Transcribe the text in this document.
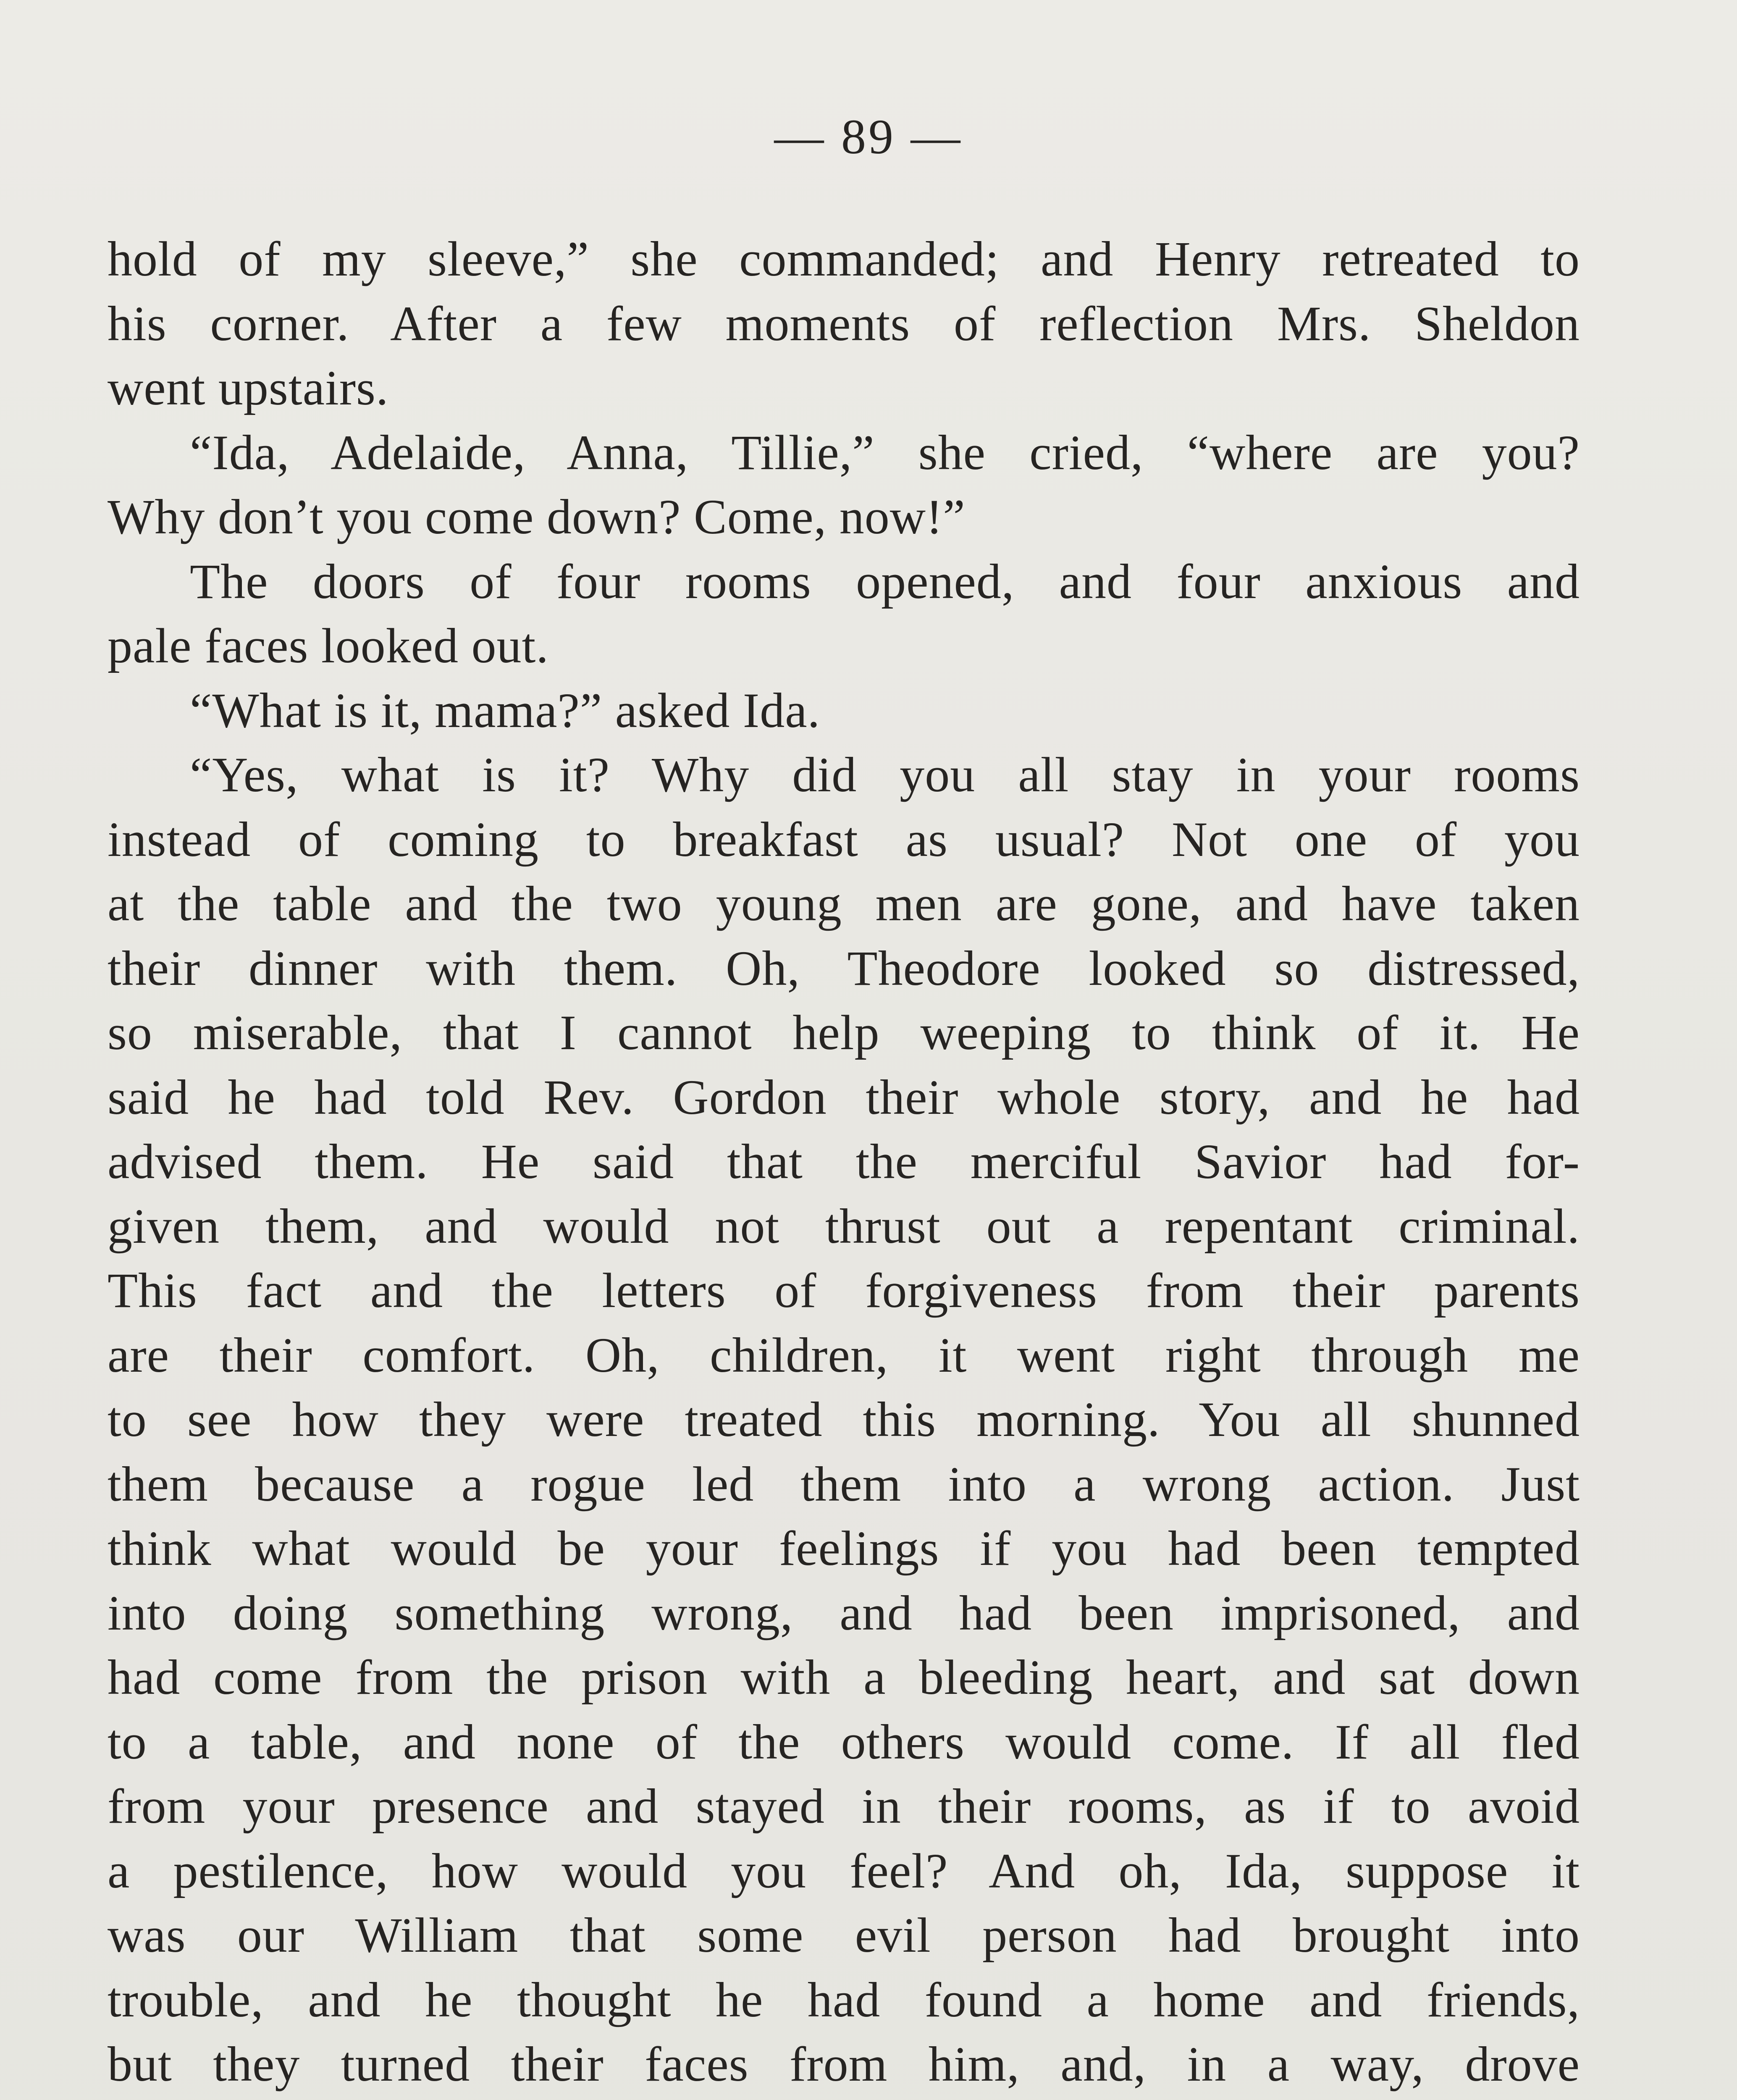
— 89 —
hold of my sleeve,” she commanded; and Henry retreated to
his corner. After a few moments of reflection Mrs. Sheldon
went upstairs.
“Ida, Adelaide, Anna, Tillie,” she cried, “where are you?
Why don’t you come down? Come, now!”
The doors of four rooms opened, and four anxious and
pale faces looked out.
“What is it, mama?” asked Ida.
“Yes, what is it? Why did you all stay in your rooms
instead of coming to breakfast as usual? Not one of you
at the table and the two young men are gone, and have taken
their dinner with them. Oh, Theodore looked so distressed,
so miserable, that I cannot help weeping to think of it. He
said he had told Rev. Gordon their whole story, and he had
advised them. He said that the merciful Savior had for-
given them, and would not thrust out a repentant criminal.
This fact and the letters of forgiveness from their parents
are their comfort. Oh, children, it went right through me
to see how they were treated this morning. You all shunned
them because a rogue led them into a wrong action. Just
think what would be your feelings if you had been tempted
into doing something wrong, and had been imprisoned, and
had come from the prison with a bleeding heart, and sat down
to a table, and none of the others would come. If all fled
from your presence and stayed in their rooms, as if to avoid
a pestilence, how would you feel? And oh, Ida, suppose it
was our William that some evil person had brought into
trouble, and he thought he had found a home and friends,
but they turned their faces from him, and, in a way, drove
